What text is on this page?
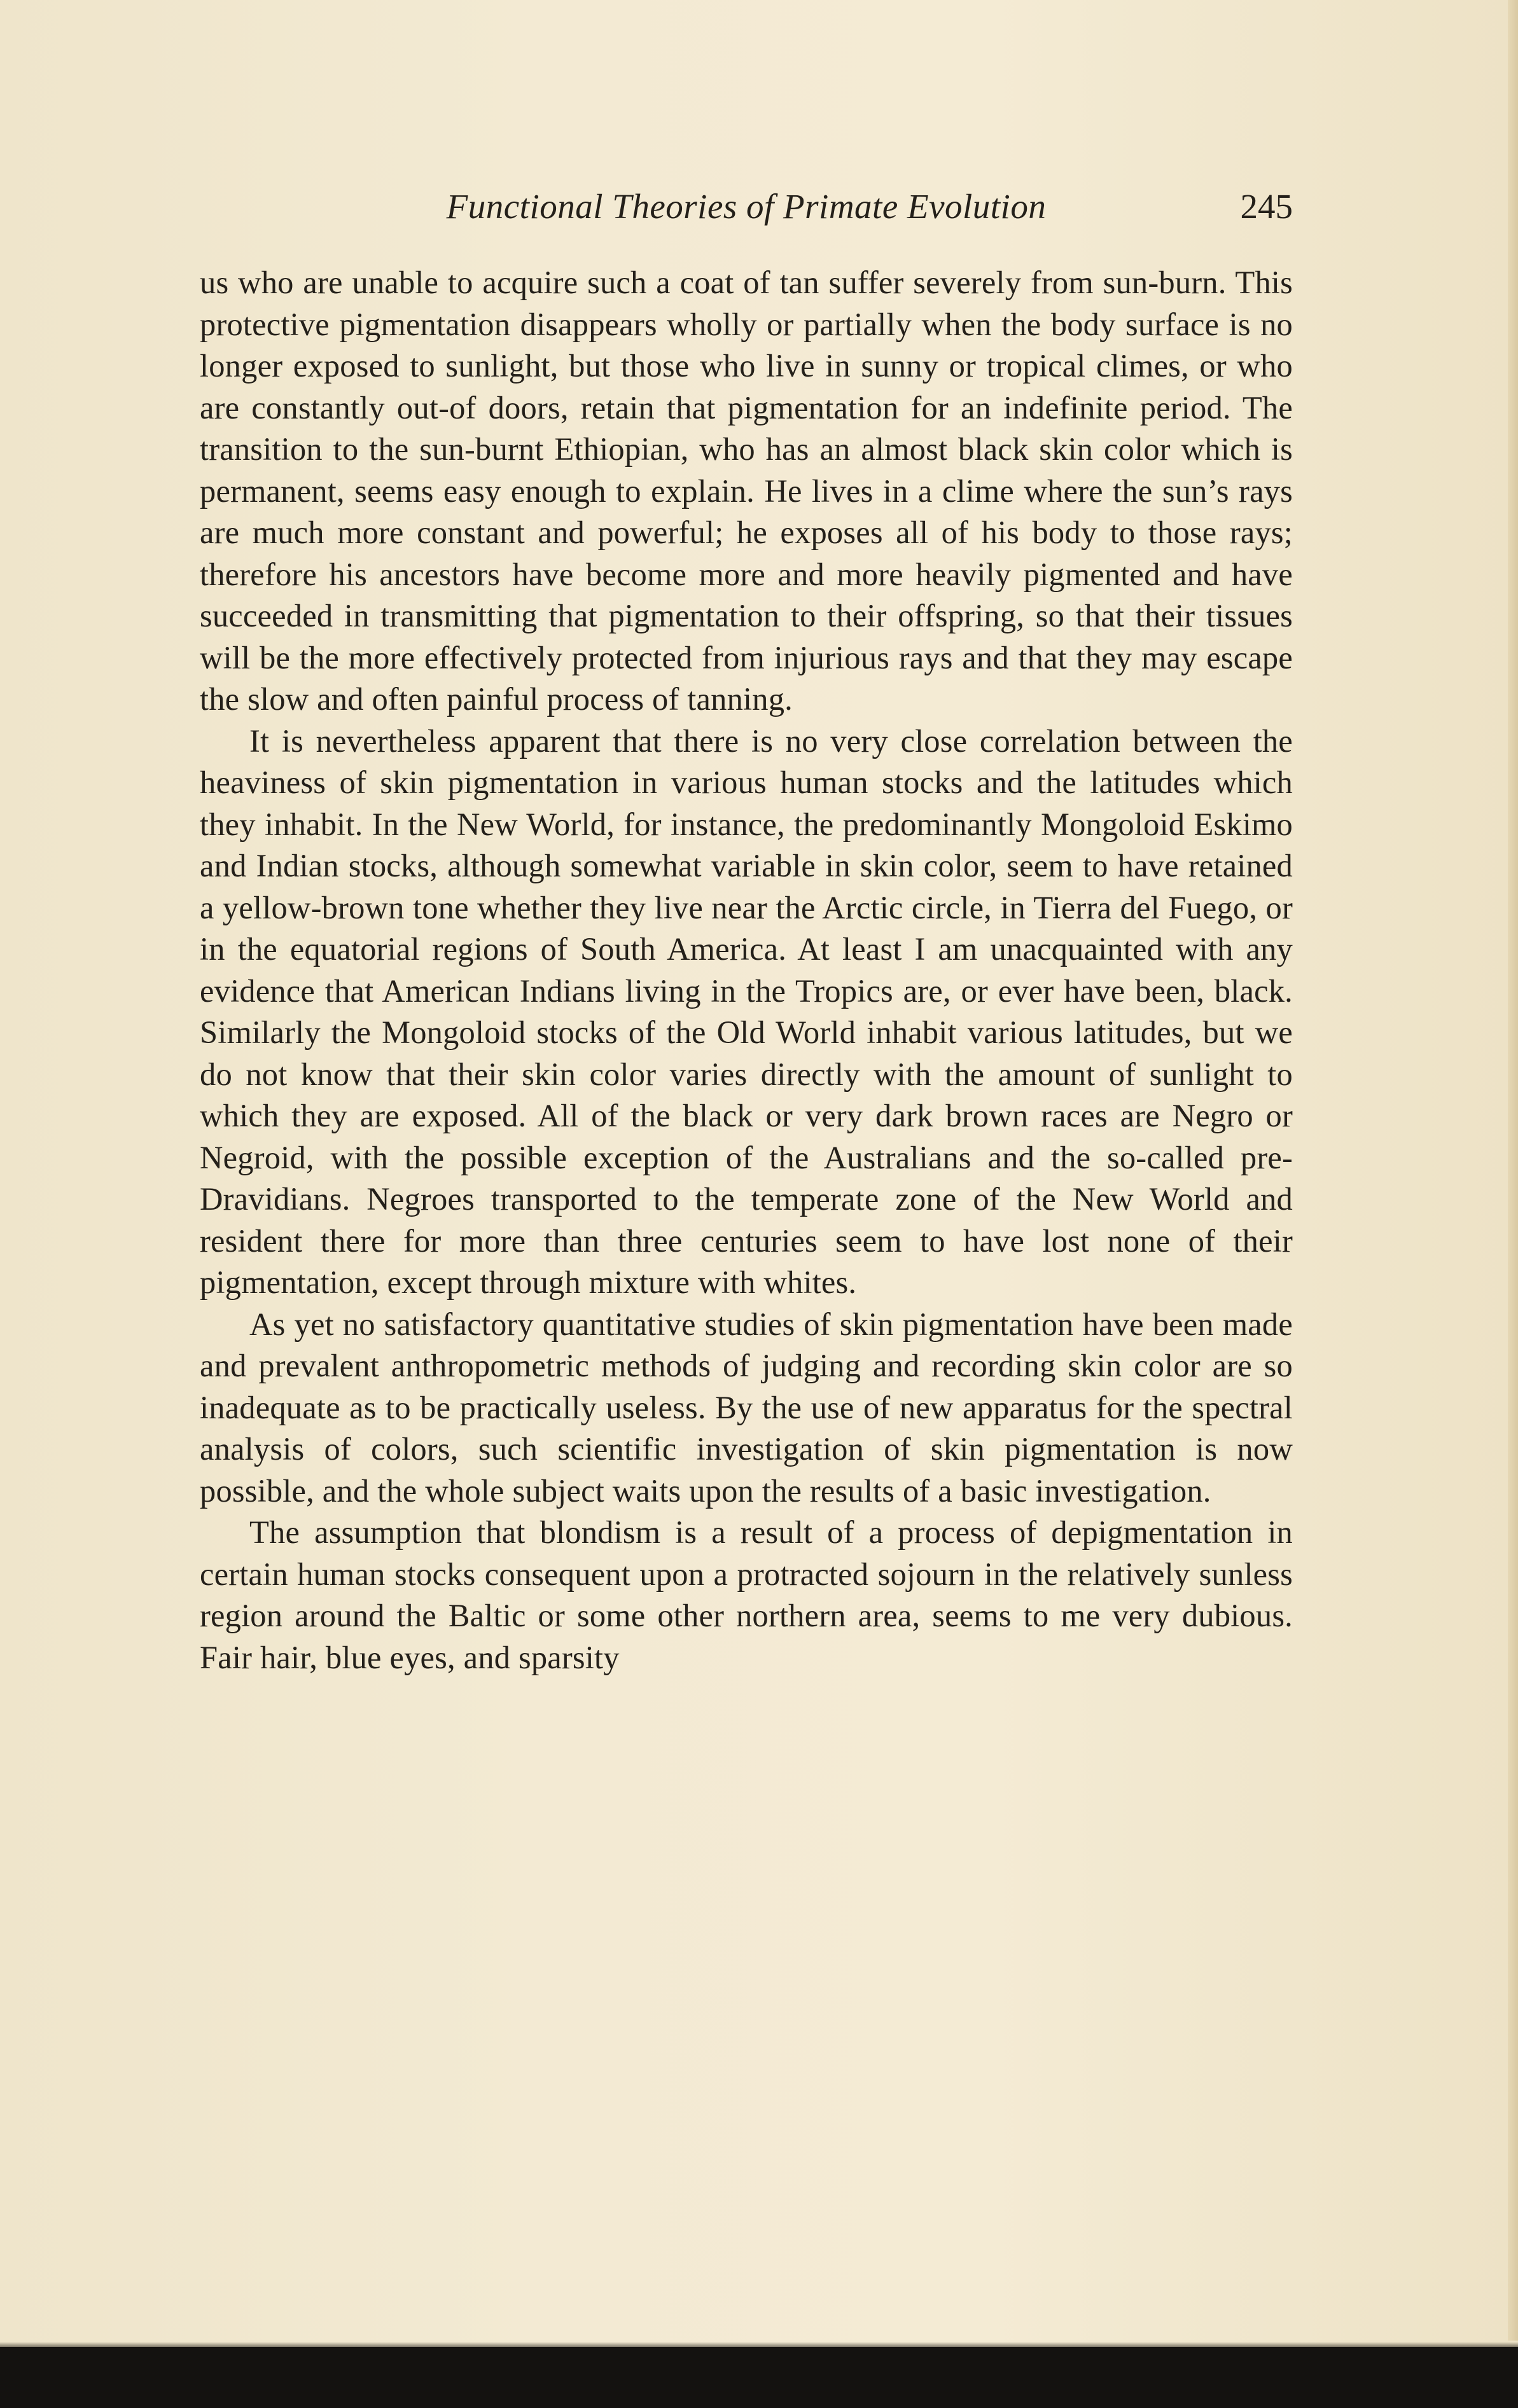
Functional Theories of Primate Evolution	245

us who are unable to acquire such a coat of tan suffer severely from sun-burn. This protective pigmentation disappears wholly or partially when the body surface is no longer exposed to sunlight, but those who live in sunny or tropical climes, or who are constantly out-of doors, retain that pigmentation for an indefinite period. The transition to the sun-burnt Ethiopian, who has an almost black skin color which is permanent, seems easy enough to explain. He lives in a clime where the sun’s rays are much more constant and powerful; he exposes all of his body to those rays; therefore his ancestors have become more and more heavily pigmented and have succeeded in transmitting that pigmentation to their offspring, so that their tissues will be the more effectively protected from injurious rays and that they may escape the slow and often painful process of tanning.

It is nevertheless apparent that there is no very close correlation between the heaviness of skin pigmentation in various human stocks and the latitudes which they inhabit. In the New World, for instance, the predominantly Mongoloid Eskimo and Indian stocks, although somewhat variable in skin color, seem to have retained a yellow-brown tone whether they live near the Arctic circle, in Tierra del Fuego, or in the equatorial regions of South America. At least I am unacquainted with any evidence that American Indians living in the Tropics are, or ever have been, black. Similarly the Mongoloid stocks of the Old World inhabit various latitudes, but we do not know that their skin color varies directly with the amount of sunlight to which they are exposed. All of the black or very dark brown races are Negro or Negroid, with the possible exception of the Australians and the so-called pre-Dravidians. Negroes transported to the temperate zone of the New World and resident there for more than three centuries seem to have lost none of their pigmentation, except through mixture with whites.

As yet no satisfactory quantitative studies of skin pigmentation have been made and prevalent anthropometric methods of judging and recording skin color are so inadequate as to be practically useless. By the use of new apparatus for the spectral analysis of colors, such scientific investigation of skin pigmentation is now possible, and the whole subject waits upon the results of a basic investigation.

The assumption that blondism is a result of a process of depigmentation in certain human stocks consequent upon a protracted sojourn in the relatively sunless region around the Baltic or some other northern area, seems to me very dubious. Fair hair, blue eyes, and sparsity
